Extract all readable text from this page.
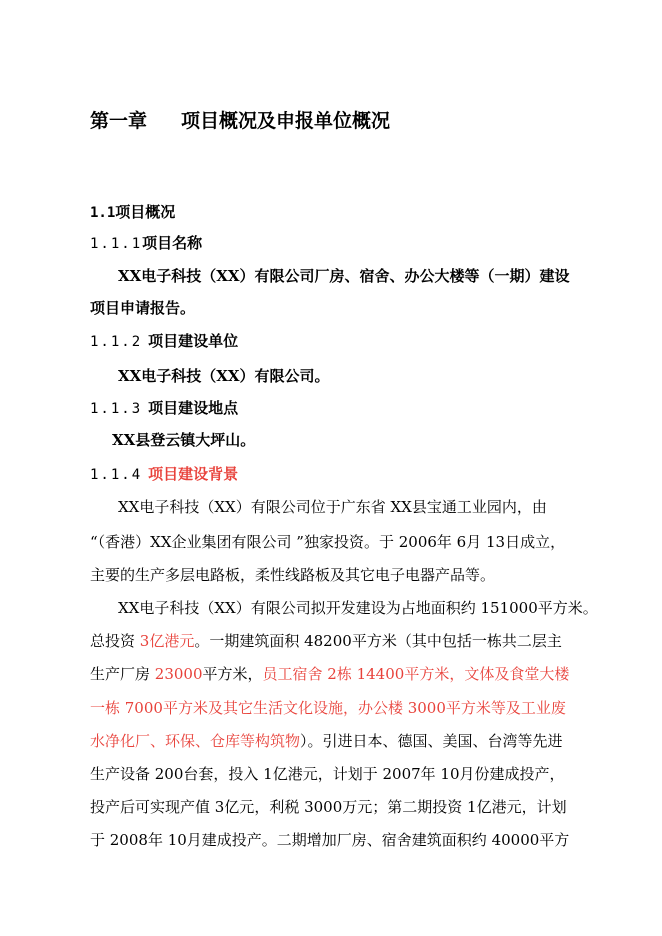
第一章 项目概况及申报单位概况
1.1项目概况
1.1.1项目名称
XX电子科技（XX）有限公司厂房、宿舍、办公大楼等（一期）建设
项目申请报告。
1.1.2 项目建设单位
XX电子科技（XX）有限公司。
1.1.3 项目建设地点
XX县登云镇大坪山。
1.1.4 项目建设背景
XX电子科技（XX）有限公司位于广东省 XX县宝通工业园内，由
“（香港）XX企业集团有限公司 ”独家投资。于 2006年 6月 13日成立，
主要的生产多层电路板，柔性线路板及其它电子电器产品等。
XX电子科技（XX）有限公司拟开发建设为占地面积约 151000平方米。
总投资 3亿港元。一期建筑面积 48200平方米（其中包括一栋共二层主
生产厂房 23000平方米，员工宿舍 2栋 14400平方米，文体及食堂大楼
一栋 7000平方米及其它生活文化设施，办公楼 3000平方米等及工业废
水净化厂、环保、仓库等构筑物）。引进日本、德国、美国、台湾等先进
生产设备 200台套，投入 1亿港元，计划于 2007年 10月份建成投产，
投产后可实现产值 3亿元，利税 3000万元；第二期投资 1亿港元，计划
于 2008年 10月建成投产。二期增加厂房、宿舍建筑面积约 40000平方
